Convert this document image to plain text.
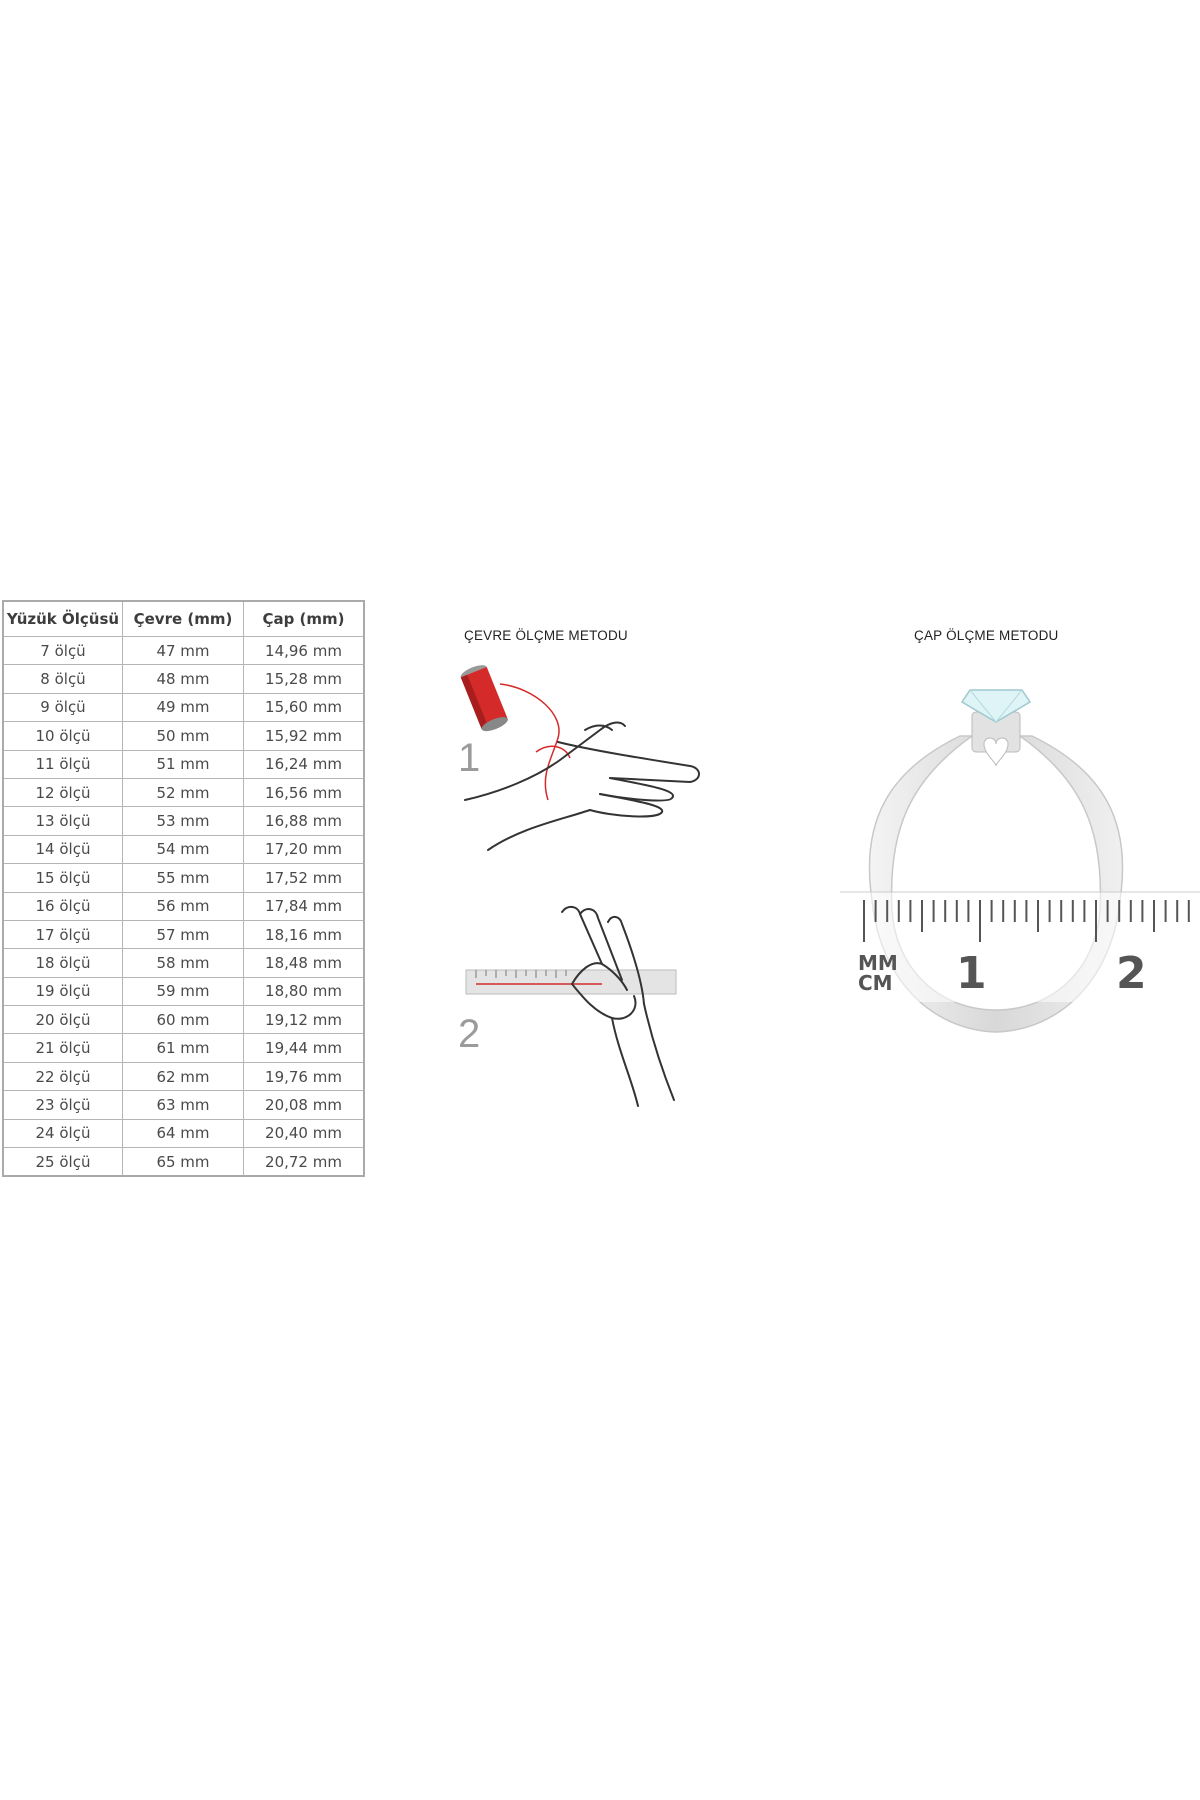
Yüzük Ölçüsü	Çevre (mm)	Çap (mm)
7 ölçü	47 mm	14,96 mm
8 ölçü	48 mm	15,28 mm
9 ölçü	49 mm	15,60 mm
10 ölçü	50 mm	15,92 mm
11 ölçü	51 mm	16,24 mm
12 ölçü	52 mm	16,56 mm
13 ölçü	53 mm	16,88 mm
14 ölçü	54 mm	17,20 mm
15 ölçü	55 mm	17,52 mm
16 ölçü	56 mm	17,84 mm
17 ölçü	57 mm	18,16 mm
18 ölçü	58 mm	18,48 mm
19 ölçü	59 mm	18,80 mm
20 ölçü	60 mm	19,12 mm
21 ölçü	61 mm	19,44 mm
22 ölçü	62 mm	19,76 mm
23 ölçü	63 mm	20,08 mm
24 ölçü	64 mm	20,40 mm
25 ölçü	65 mm	20,72 mm
ÇEVRE ÖLÇME METODU
1
2
ÇAP ÖLÇME METODU
MM
CM 1	2
